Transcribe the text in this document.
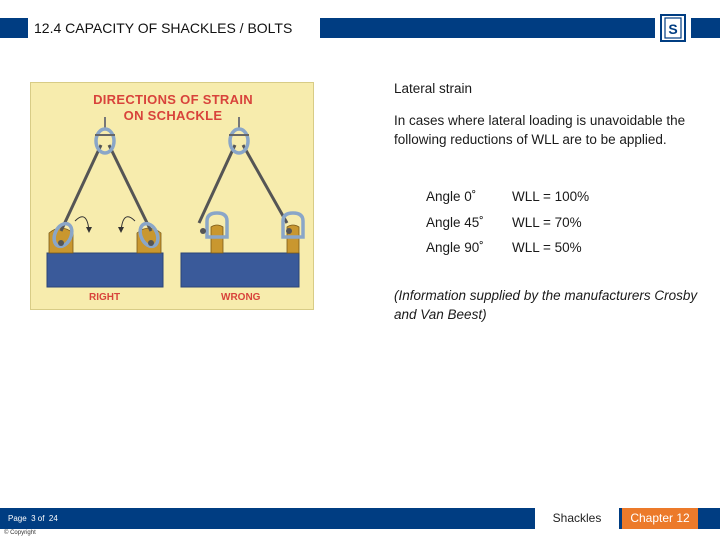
12.4 CAPACITY OF SHACKLES / BOLTS	S
DIRECTIONS OF STRAIN
ON SCHACKLE
RIGHT	WRONG
Lateral strain
In cases where lateral loading is unavoidable the following reductions of WLL are to be applied.
Angle 0˚	WLL = 100%
Angle 45˚ WLL = 70%
Angle 90˚ WLL = 50%
(Information supplied by the manufacturers Crosby and Van Beest)
Page  3 of  24	Shackles	Chapter 12
© Copyright
